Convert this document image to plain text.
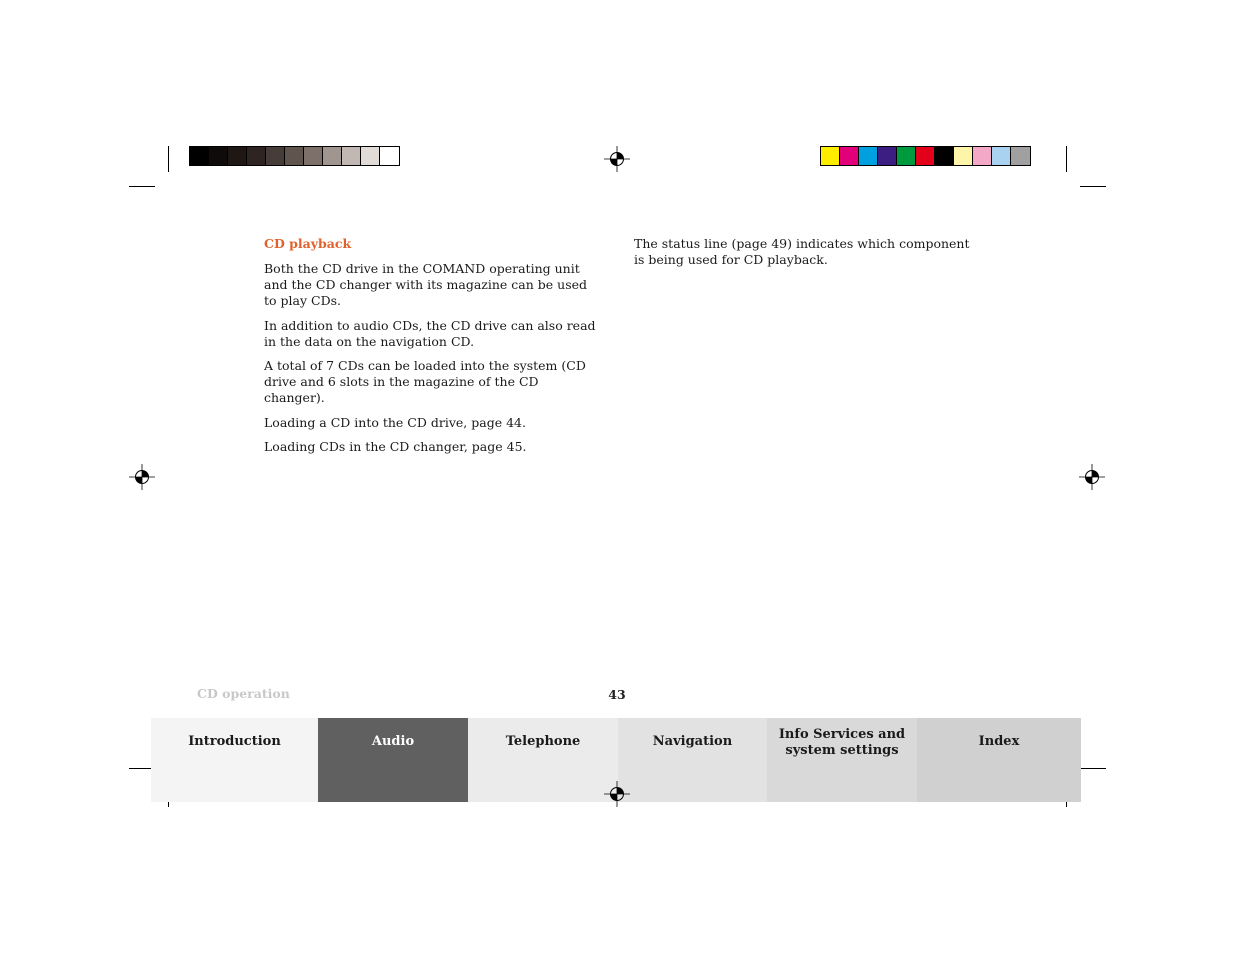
CD playback

Both the CD drive in the COMAND operating unit and the CD changer with its magazine can be used to play CDs.

In addition to audio CDs, the CD drive can also read in the data on the navigation CD.

A total of 7 CDs can be loaded into the system (CD drive and 6 slots in the magazine of the CD changer).

Loading a CD into the CD drive, page 44.

Loading CDs in the CD changer, page 45.

The status line (page 49) indicates which component is being used for CD playback.

CD operation	43
Introduction	Audio	Telephone	Navigation	Info Services and
system settings
Index
